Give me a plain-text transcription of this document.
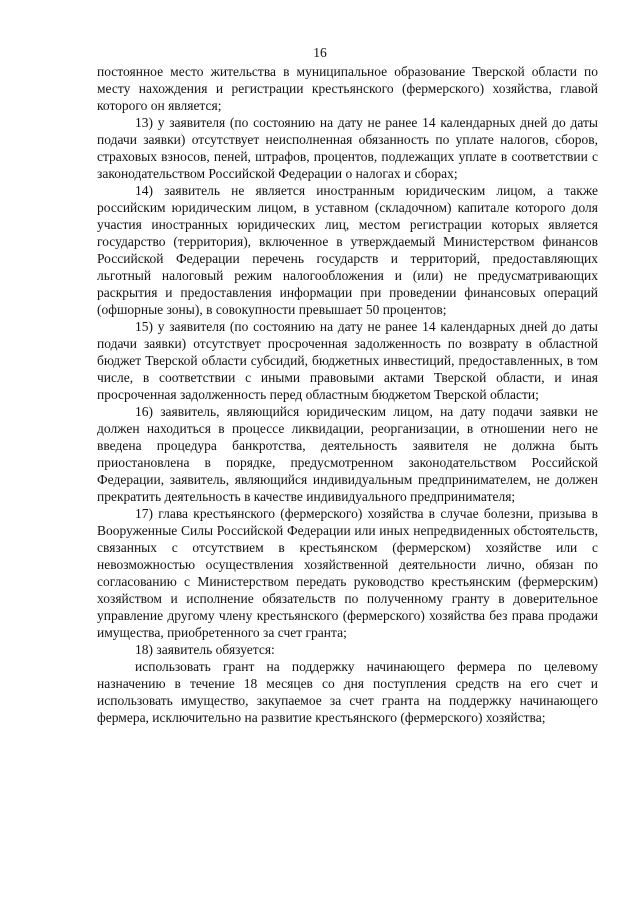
16

постоянное место жительства в муниципальное образование Тверской области по месту нахождения и регистрации крестьянского (фермерского) хозяйства, главой которого он является;

13) у заявителя (по состоянию на дату не ранее 14 календарных дней до даты подачи заявки) отсутствует неисполненная обязанность по уплате налогов, сборов, страховых взносов, пеней, штрафов, процентов, подлежащих уплате в соответствии с законодательством Российской Федерации о налогах и сборах;

14) заявитель не является иностранным юридическим лицом, а также российским юридическим лицом, в уставном (складочном) капитале которого доля участия иностранных юридических лиц, местом регистрации которых является государство (территория), включенное в утверждаемый Министерством финансов Российской Федерации перечень государств и территорий, предоставляющих льготный налоговый режим налогообложения и (или) не предусматривающих раскрытия и предоставления информации при проведении финансовых операций (офшорные зоны), в совокупности превышает 50 процентов;

15) у заявителя (по состоянию на дату не ранее 14 календарных дней до даты подачи заявки) отсутствует просроченная задолженность по возврату в областной бюджет Тверской области субсидий, бюджетных инвестиций, предоставленных, в том числе, в соответствии с иными правовыми актами Тверской области, и иная просроченная задолженность перед областным бюджетом Тверской области;

16) заявитель, являющийся юридическим лицом, на дату подачи заявки не должен находиться в процессе ликвидации, реорганизации, в отношении него не введена процедура банкротства, деятельность заявителя не должна быть приостановлена в порядке, предусмотренном законодательством Российской Федерации, заявитель, являющийся индивидуальным предпринимателем, не должен прекратить деятельность в качестве индивидуального предпринимателя;

17) глава крестьянского (фермерского) хозяйства в случае болезни, призыва в Вооруженные Силы Российской Федерации или иных непредвиденных обстоятельств, связанных с отсутствием в крестьянском (фермерском) хозяйстве или с невозможностью осуществления хозяйственной деятельности лично, обязан по согласованию с Министерством передать руководство крестьянским (фермерским) хозяйством и исполнение обязательств по полученному гранту в доверительное управление другому члену крестьянского (фермерского) хозяйства без права продажи имущества, приобретенного за счет гранта;

18) заявитель обязуется:

использовать грант на поддержку начинающего фермера по целевому назначению в течение 18 месяцев со дня поступления средств на его счет и использовать имущество, закупаемое за счет гранта на поддержку начинающего фермера, исключительно на развитие крестьянского (фермерского) хозяйства;
